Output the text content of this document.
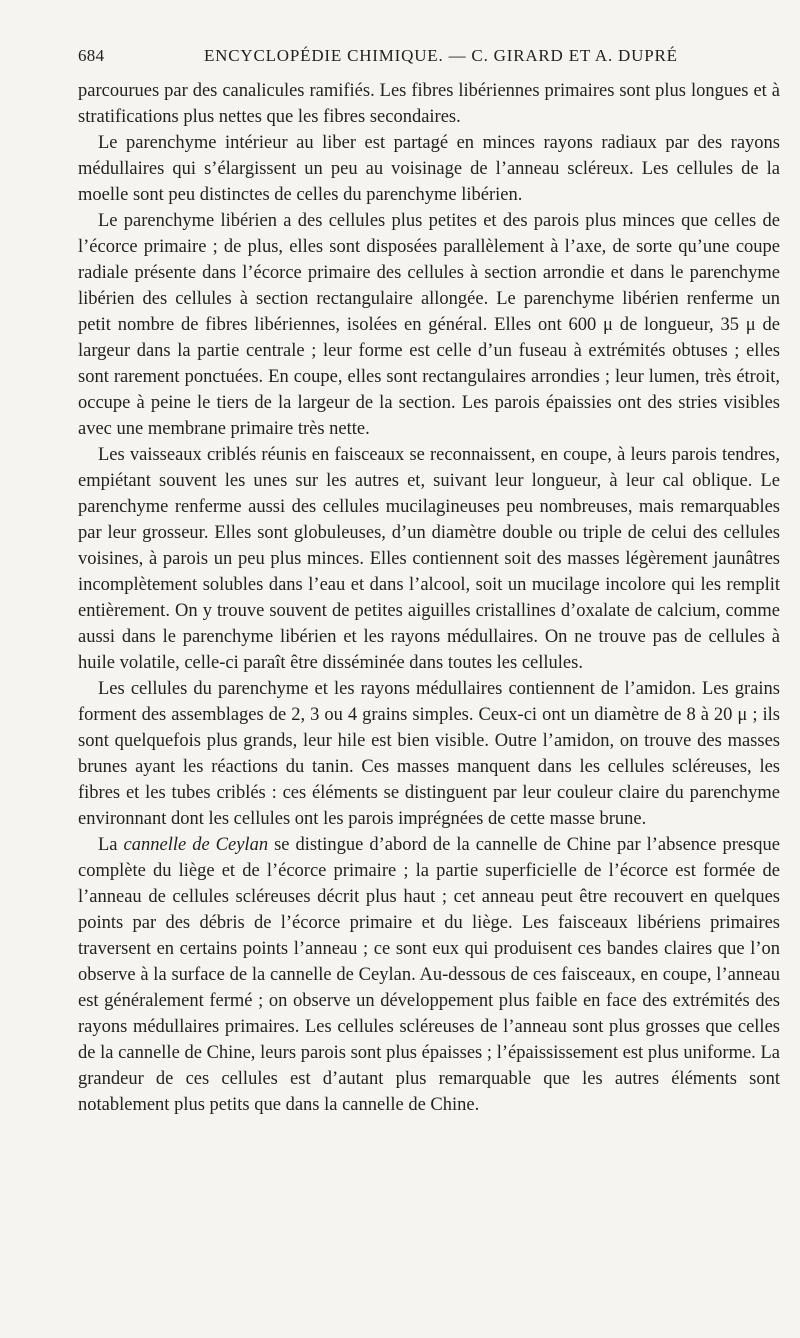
684	ENCYCLOPÉDIE CHIMIQUE. — C. GIRARD ET A. DUPRÉ

parcourues par des canalicules ramifiés. Les fibres libériennes primaires sont plus longues et à stratifications plus nettes que les fibres secondaires.

Le parenchyme intérieur au liber est partagé en minces rayons radiaux par des rayons médullaires qui s’élargissent un peu au voisinage de l’anneau scléreux. Les cellules de la moelle sont peu distinctes de celles du parenchyme libérien.

Le parenchyme libérien a des cellules plus petites et des parois plus minces que celles de l’écorce primaire ; de plus, elles sont disposées parallèlement à l’axe, de sorte qu’une coupe radiale présente dans l’écorce primaire des cellules à section arrondie et dans le parenchyme libérien des cellules à section rectangulaire allongée. Le parenchyme libérien renferme un petit nombre de fibres libériennes, isolées en général. Elles ont 600 μ de longueur, 35 μ de largeur dans la partie centrale ; leur forme est celle d’un fuseau à extrémités obtuses ; elles sont rarement ponctuées. En coupe, elles sont rectangulaires arrondies ; leur lumen, très étroit, occupe à peine le tiers de la largeur de la section. Les parois épaissies ont des stries visibles avec une membrane primaire très nette.

Les vaisseaux criblés réunis en faisceaux se reconnaissent, en coupe, à leurs parois tendres, empiétant souvent les unes sur les autres et, suivant leur longueur, à leur cal oblique. Le parenchyme renferme aussi des cellules mucilagineuses peu nombreuses, mais remarquables par leur grosseur. Elles sont globuleuses, d’un diamètre double ou triple de celui des cellules voisines, à parois un peu plus minces. Elles contiennent soit des masses légèrement jaunâtres incomplètement solubles dans l’eau et dans l’alcool, soit un mucilage incolore qui les remplit entièrement. On y trouve souvent de petites aiguilles cristallines d’oxalate de calcium, comme aussi dans le parenchyme libérien et les rayons médullaires. On ne trouve pas de cellules à huile volatile, celle-ci paraît être disséminée dans toutes les cellules.

Les cellules du parenchyme et les rayons médullaires contiennent de l’amidon. Les grains forment des assemblages de 2, 3 ou 4 grains simples. Ceux-ci ont un diamètre de 8 à 20 μ ; ils sont quelquefois plus grands, leur hile est bien visible. Outre l’amidon, on trouve des masses brunes ayant les réactions du tanin. Ces masses manquent dans les cellules scléreuses, les fibres et les tubes criblés : ces éléments se distinguent par leur couleur claire du parenchyme environnant dont les cellules ont les parois imprégnées de cette masse brune.

La cannelle de Ceylan se distingue d’abord de la cannelle de Chine par l’absence presque complète du liège et de l’écorce primaire ; la partie superficielle de l’écorce est formée de l’anneau de cellules scléreuses décrit plus haut ; cet anneau peut être recouvert en quelques points par des débris de l’écorce primaire et du liège. Les faisceaux libériens primaires traversent en certains points l’anneau ; ce sont eux qui produisent ces bandes claires que l’on observe à la surface de la cannelle de Ceylan. Au-dessous de ces faisceaux, en coupe, l’anneau est généralement fermé ; on observe un développement plus faible en face des extrémités des rayons médullaires primaires. Les cellules scléreuses de l’anneau sont plus grosses que celles de la cannelle de Chine, leurs parois sont plus épaisses ; l’épaississement est plus uniforme. La grandeur de ces cellules est d’autant plus remarquable que les autres éléments sont notablement plus petits que dans la cannelle de Chine.
